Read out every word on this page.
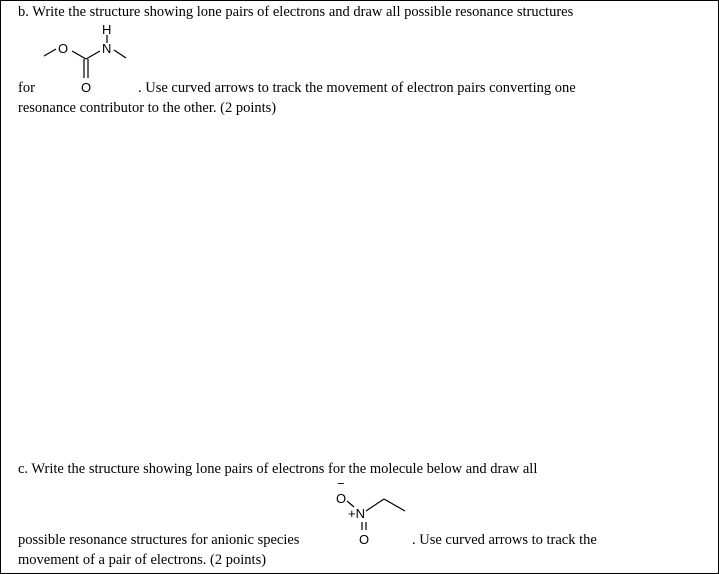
b. Write the structure showing lone pairs of electrons and draw all possible resonance structures
O
H
N
O
for	. Use curved arrows to track the movement of electron pairs converting one
resonance contributor to the other. (2 points)
c. Write the structure showing lone pairs of electrons for the molecule below and draw all
−
O
+N
O
possible resonance structures for anionic species	. Use curved arrows to track the
movement of a pair of electrons. (2 points)
